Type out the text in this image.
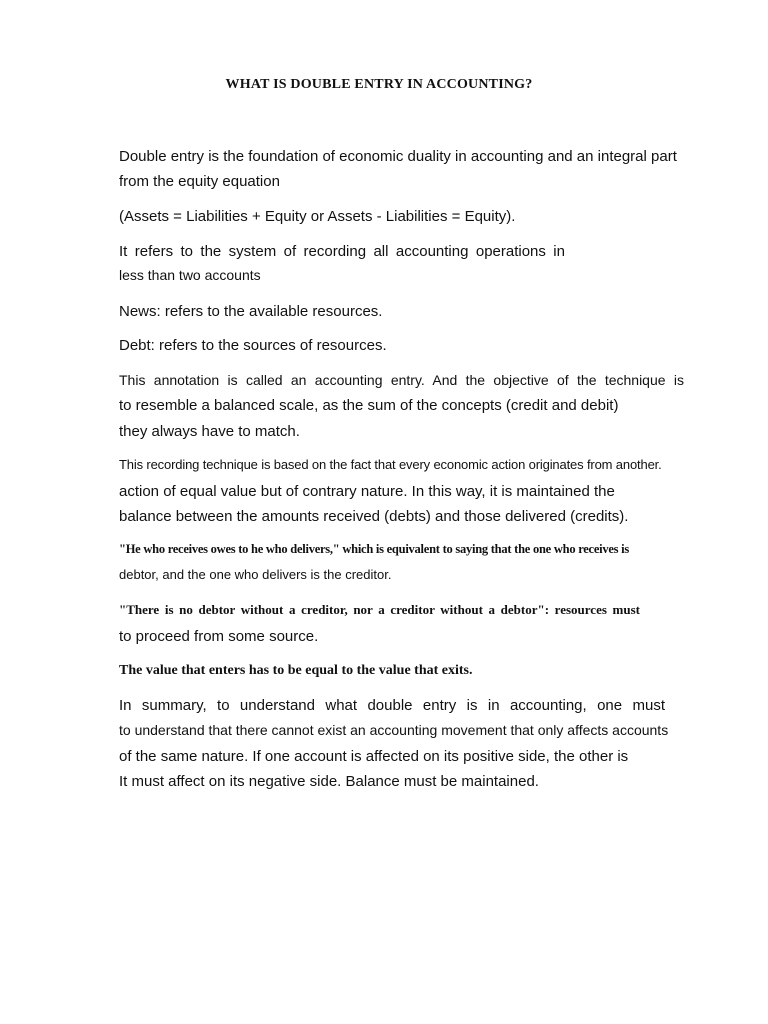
WHAT IS DOUBLE ENTRY IN ACCOUNTING?
Double entry is the foundation of economic duality in accounting and an integral part
from the equity equation
(Assets = Liabilities + Equity or Assets - Liabilities = Equity).
It refers to the system of recording all accounting operations in
less than two accounts
News: refers to the available resources.
Debt: refers to the sources of resources.
This annotation is called an accounting entry. And the objective of the technique is
to resemble a balanced scale, as the sum of the concepts (credit and debit)
they always have to match.
This recording technique is based on the fact that every economic action originates from another.
action of equal value but of contrary nature. In this way, it is maintained the
balance between the amounts received (debts) and those delivered (credits).
"He who receives owes to he who delivers," which is equivalent to saying that the one who receives is
debtor, and the one who delivers is the creditor.
"There is no debtor without a creditor, nor a creditor without a debtor": resources must
to proceed from some source.
The value that enters has to be equal to the value that exits.
In summary, to understand what double entry is in accounting, one must
to understand that there cannot exist an accounting movement that only affects accounts
of the same nature. If one account is affected on its positive side, the other is
It must affect on its negative side. Balance must be maintained.
